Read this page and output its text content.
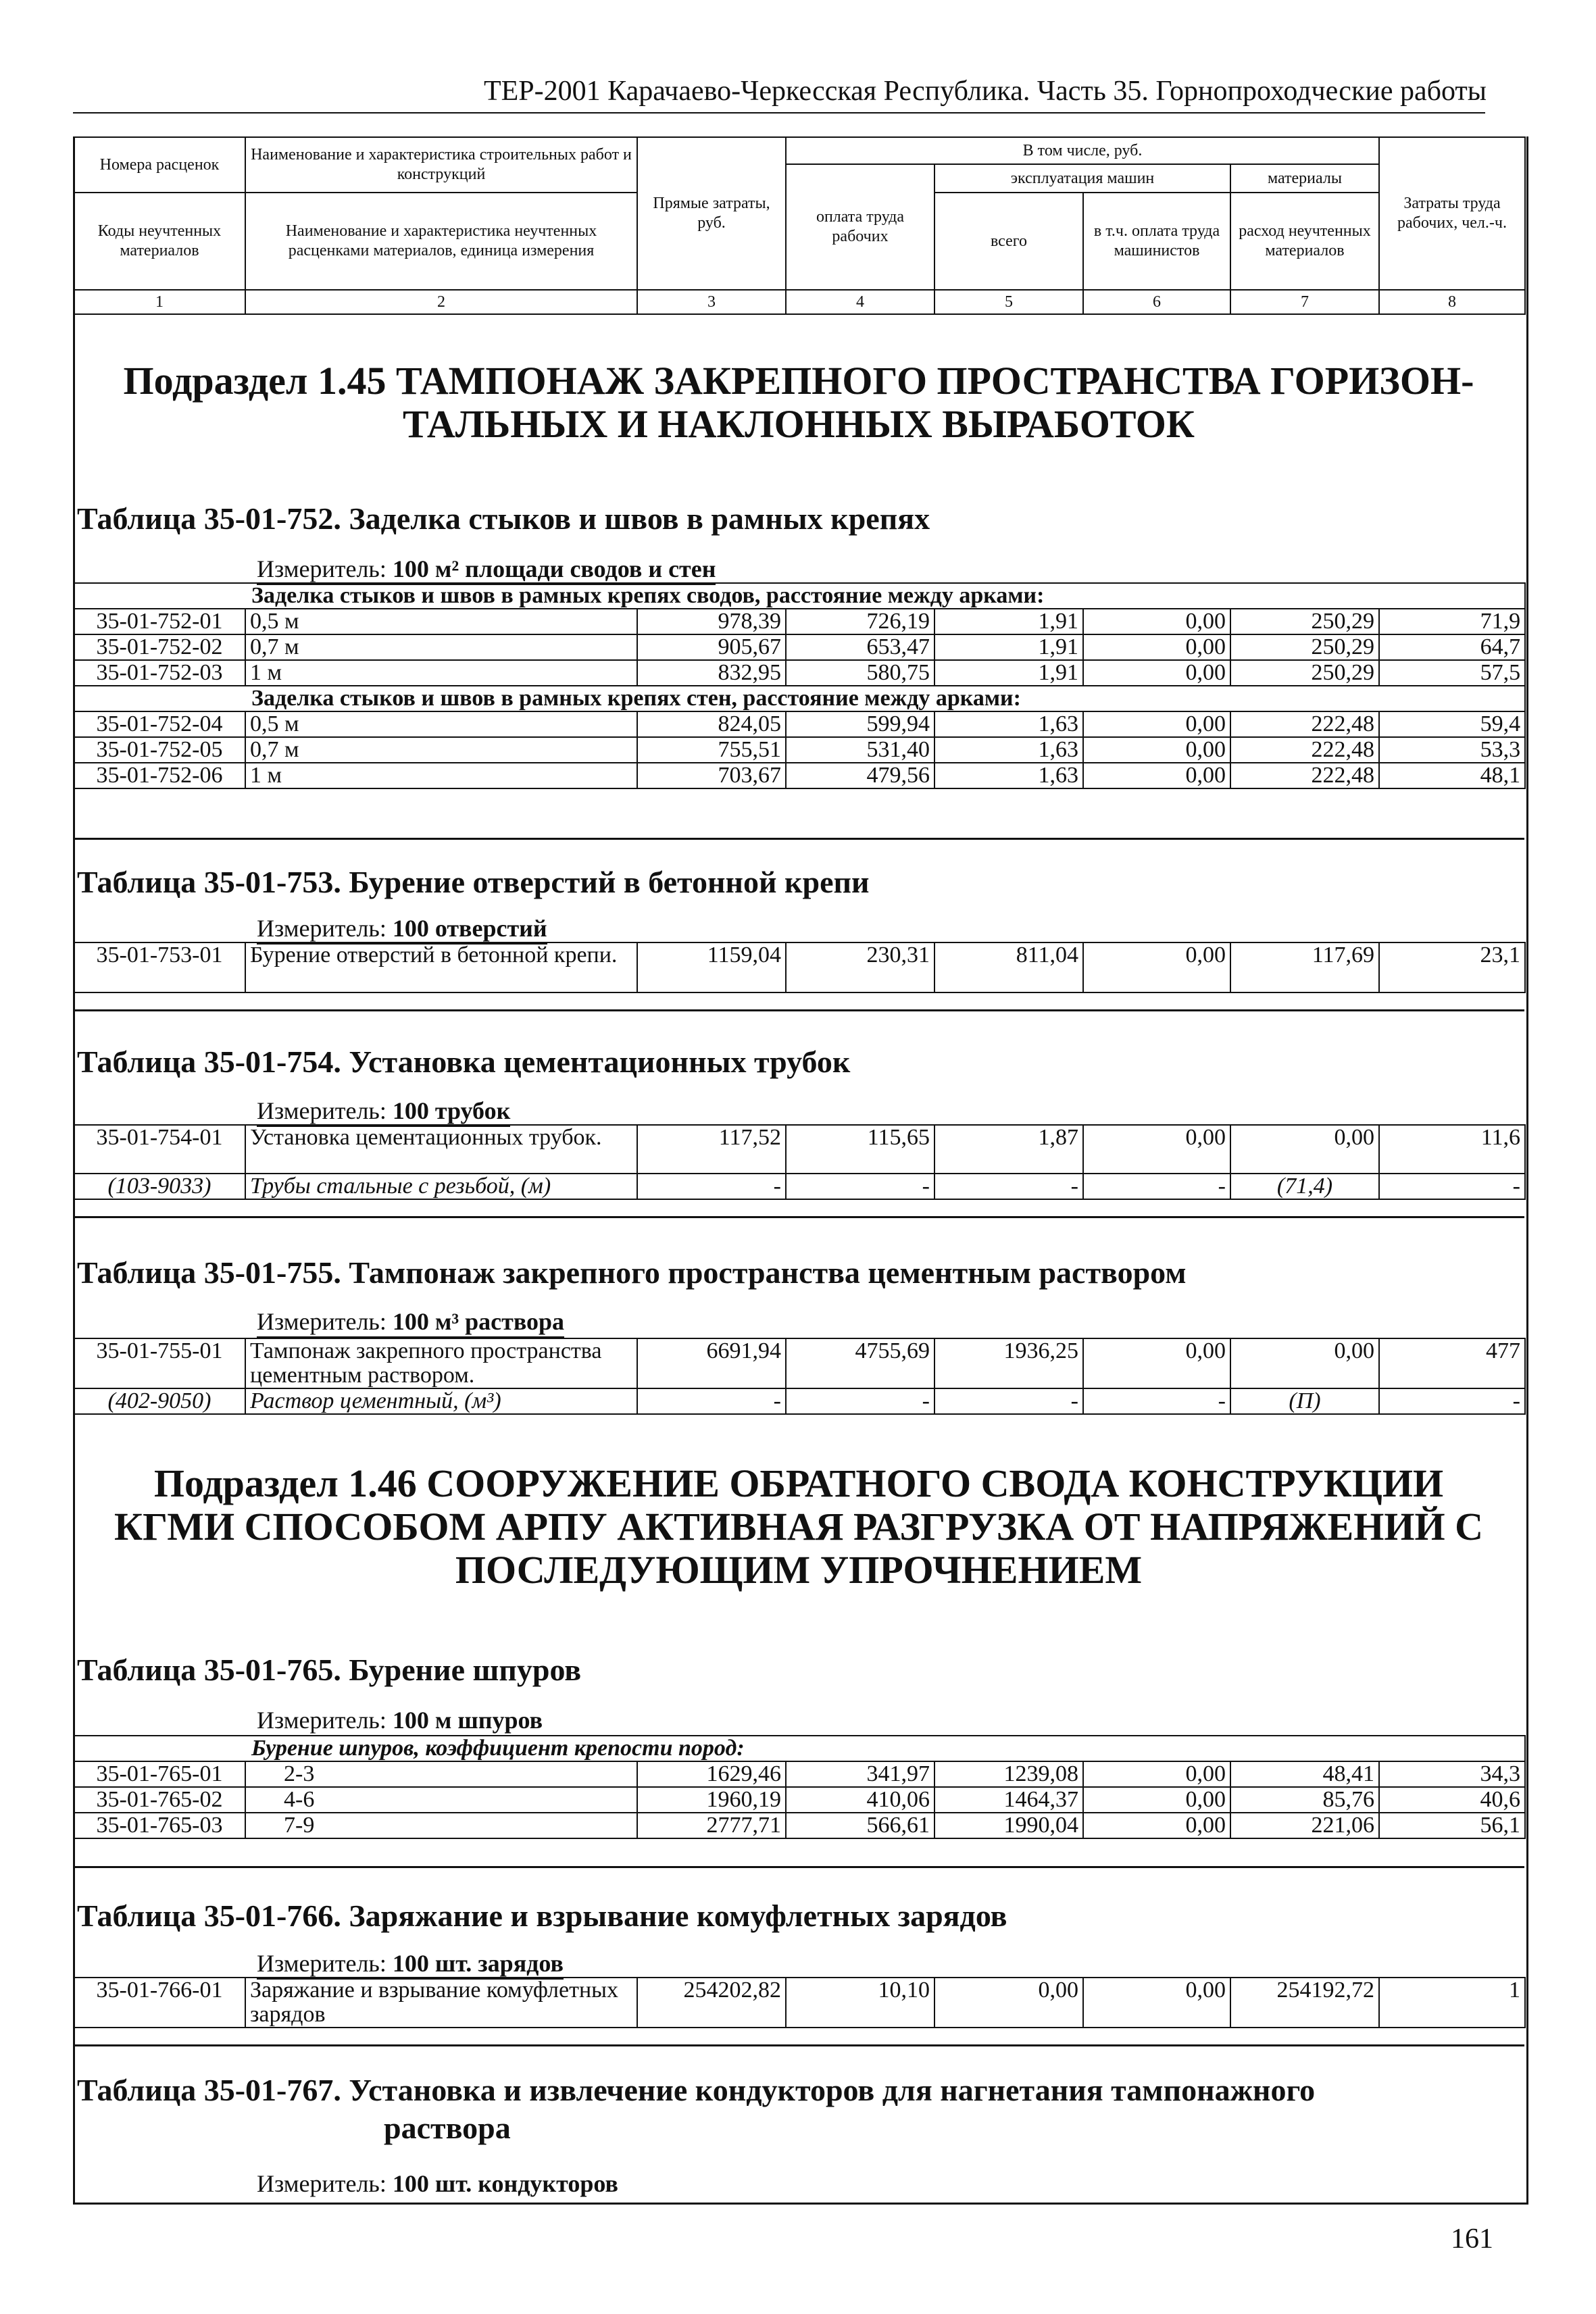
ТЕР-2001 Карачаево-Черкесская Республика. Часть 35. Горнопроходческие работы
Номера расценок	Наименование и характеристика строительных работ и конструкций	Прямые затраты, руб.	В том числе, руб.				Затраты труда рабочих, чел.-ч.
			оплата труда рабочих	эксплуатация машин		материалы	
Коды неучтенных материалов	Наименование и характеристика неучтенных расценками материалов, единица измерения			всего	в т.ч. оплата труда машинистов	расход неучтенных материалов	

1	2	3	4	5	6	7	8
Подраздел 1.45 ТАМПОНАЖ ЗАКРЕПНОГО ПРОСТРАНСТВА ГОРИЗОН-
ТАЛЬНЫХ И НАКЛОННЫХ ВЫРАБОТОК
Таблица 35-01-752. Заделка стыков и швов в рамных крепях
Измеритель: 100 м² площади сводов и стен
Заделка стыков и швов в рамных крепях сводов, расстояние между арками:							
35-01-752-01	0,5 м	978,39	726,19	1,91	0,00	250,29	71,9
35-01-752-02	0,7 м	905,67	653,47	1,91	0,00	250,29	64,7
35-01-752-03	1 м	832,95	580,75	1,91	0,00	250,29	57,5
Заделка стыков и швов в рамных крепях стен, расстояние между арками:							
35-01-752-04	0,5 м	824,05	599,94	1,63	0,00	222,48	59,4
35-01-752-05	0,7 м	755,51	531,40	1,63	0,00	222,48	53,3
35-01-752-06	1 м	703,67	479,56	1,63	0,00	222,48	48,1
Таблица 35-01-753. Бурение отверстий в бетонной крепи
Измеритель: 100 отверстий
35-01-753-01	Бурение отверстий в бетонной крепи.	1159,04	230,31	811,04	0,00	117,69	23,1
Таблица 35-01-754. Установка цементационных трубок
Измеритель: 100 трубок
35-01-754-01	Установка цементационных трубок.	117,52	115,65	1,87	0,00	0,00	11,6
(103-9033)	Трубы стальные с резьбой, (м)	-	-	-	-	(71,4)	-
Таблица 35-01-755. Тампонаж закрепного пространства цементным раствором
Измеритель: 100 м³ раствора
35-01-755-01	Тампонаж закрепного пространства цементным раствором.	6691,94	4755,69	1936,25	0,00	0,00	477
(402-9050)	Раствор цементный, (м³)	-	-	-	-	(П)	-
Подраздел 1.46 СООРУЖЕНИЕ ОБРАТНОГО СВОДА КОНСТРУКЦИИ
КГМИ СПОСОБОМ АРПУ АКТИВНАЯ РАЗГРУЗКА ОТ НАПРЯЖЕНИЙ С
ПОСЛЕДУЮЩИМ УПРОЧНЕНИЕМ
Таблица 35-01-765. Бурение шпуров
Измеритель: 100 м шпуров
Бурение шпуров, коэффициент крепости пород:							
35-01-765-01	2-3	1629,46	341,97	1239,08	0,00	48,41	34,3
35-01-765-02	4-6	1960,19	410,06	1464,37	0,00	85,76	40,6
35-01-765-03	7-9	2777,71	566,61	1990,04	0,00	221,06	56,1
Таблица 35-01-766. Заряжание и взрывание комуфлетных зарядов
Измеритель: 100 шт. зарядов
35-01-766-01	Заряжание и взрывание комуфлетных зарядов	254202,82	10,10	0,00	0,00	254192,72	1
Таблица 35-01-767. Установка и извлечение кондукторов для нагнетания тампонажного
раствора
Измеритель: 100 шт. кондукторов
161
